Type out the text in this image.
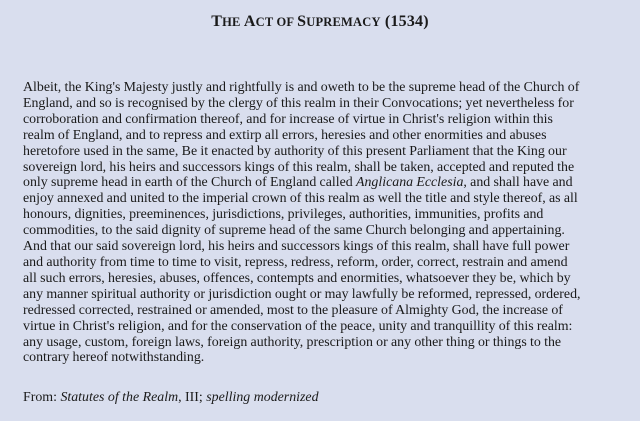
THE ACT OF SUPREMACY (1534)

Albeit, the King's Majesty justly and rightfully is and oweth to be the supreme head of the Church of
England, and so is recognised by the clergy of this realm in their Convocations; yet nevertheless for
corroboration and confirmation thereof, and for increase of virtue in Christ's religion within this
realm of England, and to repress and extirp all errors, heresies and other enormities and abuses
heretofore used in the same, Be it enacted by authority of this present Parliament that the King our
sovereign lord, his heirs and successors kings of this realm, shall be taken, accepted and reputed the
only supreme head in earth of the Church of England called Anglicana Ecclesia, and shall have and
enjoy annexed and united to the imperial crown of this realm as well the title and style thereof, as all
honours, dignities, preeminences, jurisdictions, privileges, authorities, immunities, profits and
commodities, to the said dignity of supreme head of the same Church belonging and appertaining.
And that our said sovereign lord, his heirs and successors kings of this realm, shall have full power
and authority from time to time to visit, repress, redress, reform, order, correct, restrain and amend
all such errors, heresies, abuses, offences, contempts and enormities, whatsoever they be, which by
any manner spiritual authority or jurisdiction ought or may lawfully be reformed, repressed, ordered,
redressed corrected, restrained or amended, most to the pleasure of Almighty God, the increase of
virtue in Christ's religion, and for the conservation of the peace, unity and tranquillity of this realm:
any usage, custom, foreign laws, foreign authority, prescription or any other thing or things to the
contrary hereof notwithstanding.

From: Statutes of the Realm, III; spelling modernized
